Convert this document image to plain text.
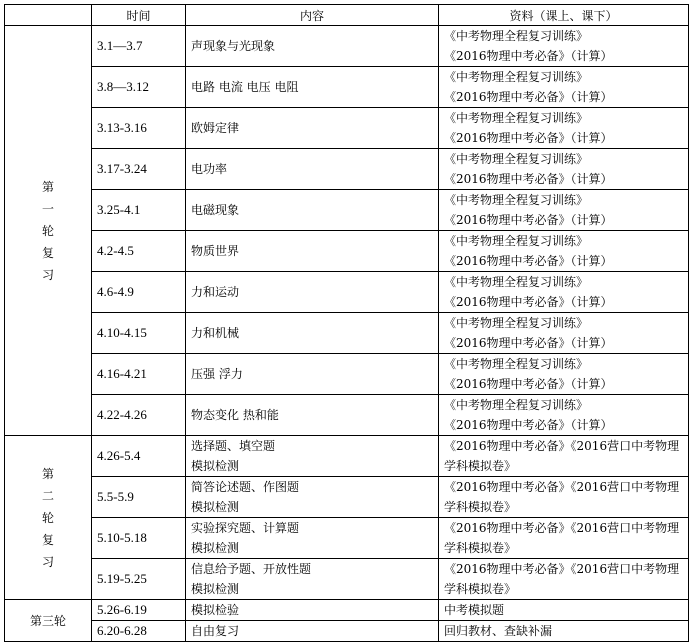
	时间	内容	资料（课上、课下）
第一轮复习	3.1—3.7	声现象与光现象	《中考物理全程复习训练》
《2016物理中考必备》（计算）

	3.8—3.12	电路 电流 电压 电阻	《中考物理全程复习训练》
《2016物理中考必备》（计算）

	3.13-3.16	欧姆定律	《中考物理全程复习训练》
《2016物理中考必备》（计算）

	3.17-3.24	电功率	《中考物理全程复习训练》
《2016物理中考必备》（计算）

	3.25-4.1	电磁现象	《中考物理全程复习训练》
《2016物理中考必备》（计算）

	4.2-4.5	物质世界	《中考物理全程复习训练》
《2016物理中考必备》（计算）

	4.6-4.9	力和运动	《中考物理全程复习训练》
《2016物理中考必备》（计算）

	4.10-4.15	力和机械	《中考物理全程复习训练》
《2016物理中考必备》（计算）

	4.16-4.21	压强 浮力	《中考物理全程复习训练》
《2016物理中考必备》（计算）

	4.22-4.26	物态变化 热和能	《中考物理全程复习训练》
《2016物理中考必备》（计算）

第二轮复习	4.26-5.4	选择题、填空题
模拟检测	《2016物理中考必备》《2016营口中考物理学科模拟卷》

	5.5-5.9	简答论述题、作图题
模拟检测	《2016物理中考必备》《2016营口中考物理学科模拟卷》

	5.10-5.18	实验探究题、计算题
模拟检测	《2016物理中考必备》《2016营口中考物理学科模拟卷》

	5.19-5.25	信息给予题、开放性题
模拟检测	《2016物理中考必备》《2016营口中考物理学科模拟卷》

第三轮	5.26-6.19	模拟检验	中考模拟题

	6.20-6.28	自由复习	回归教材、查缺补漏
